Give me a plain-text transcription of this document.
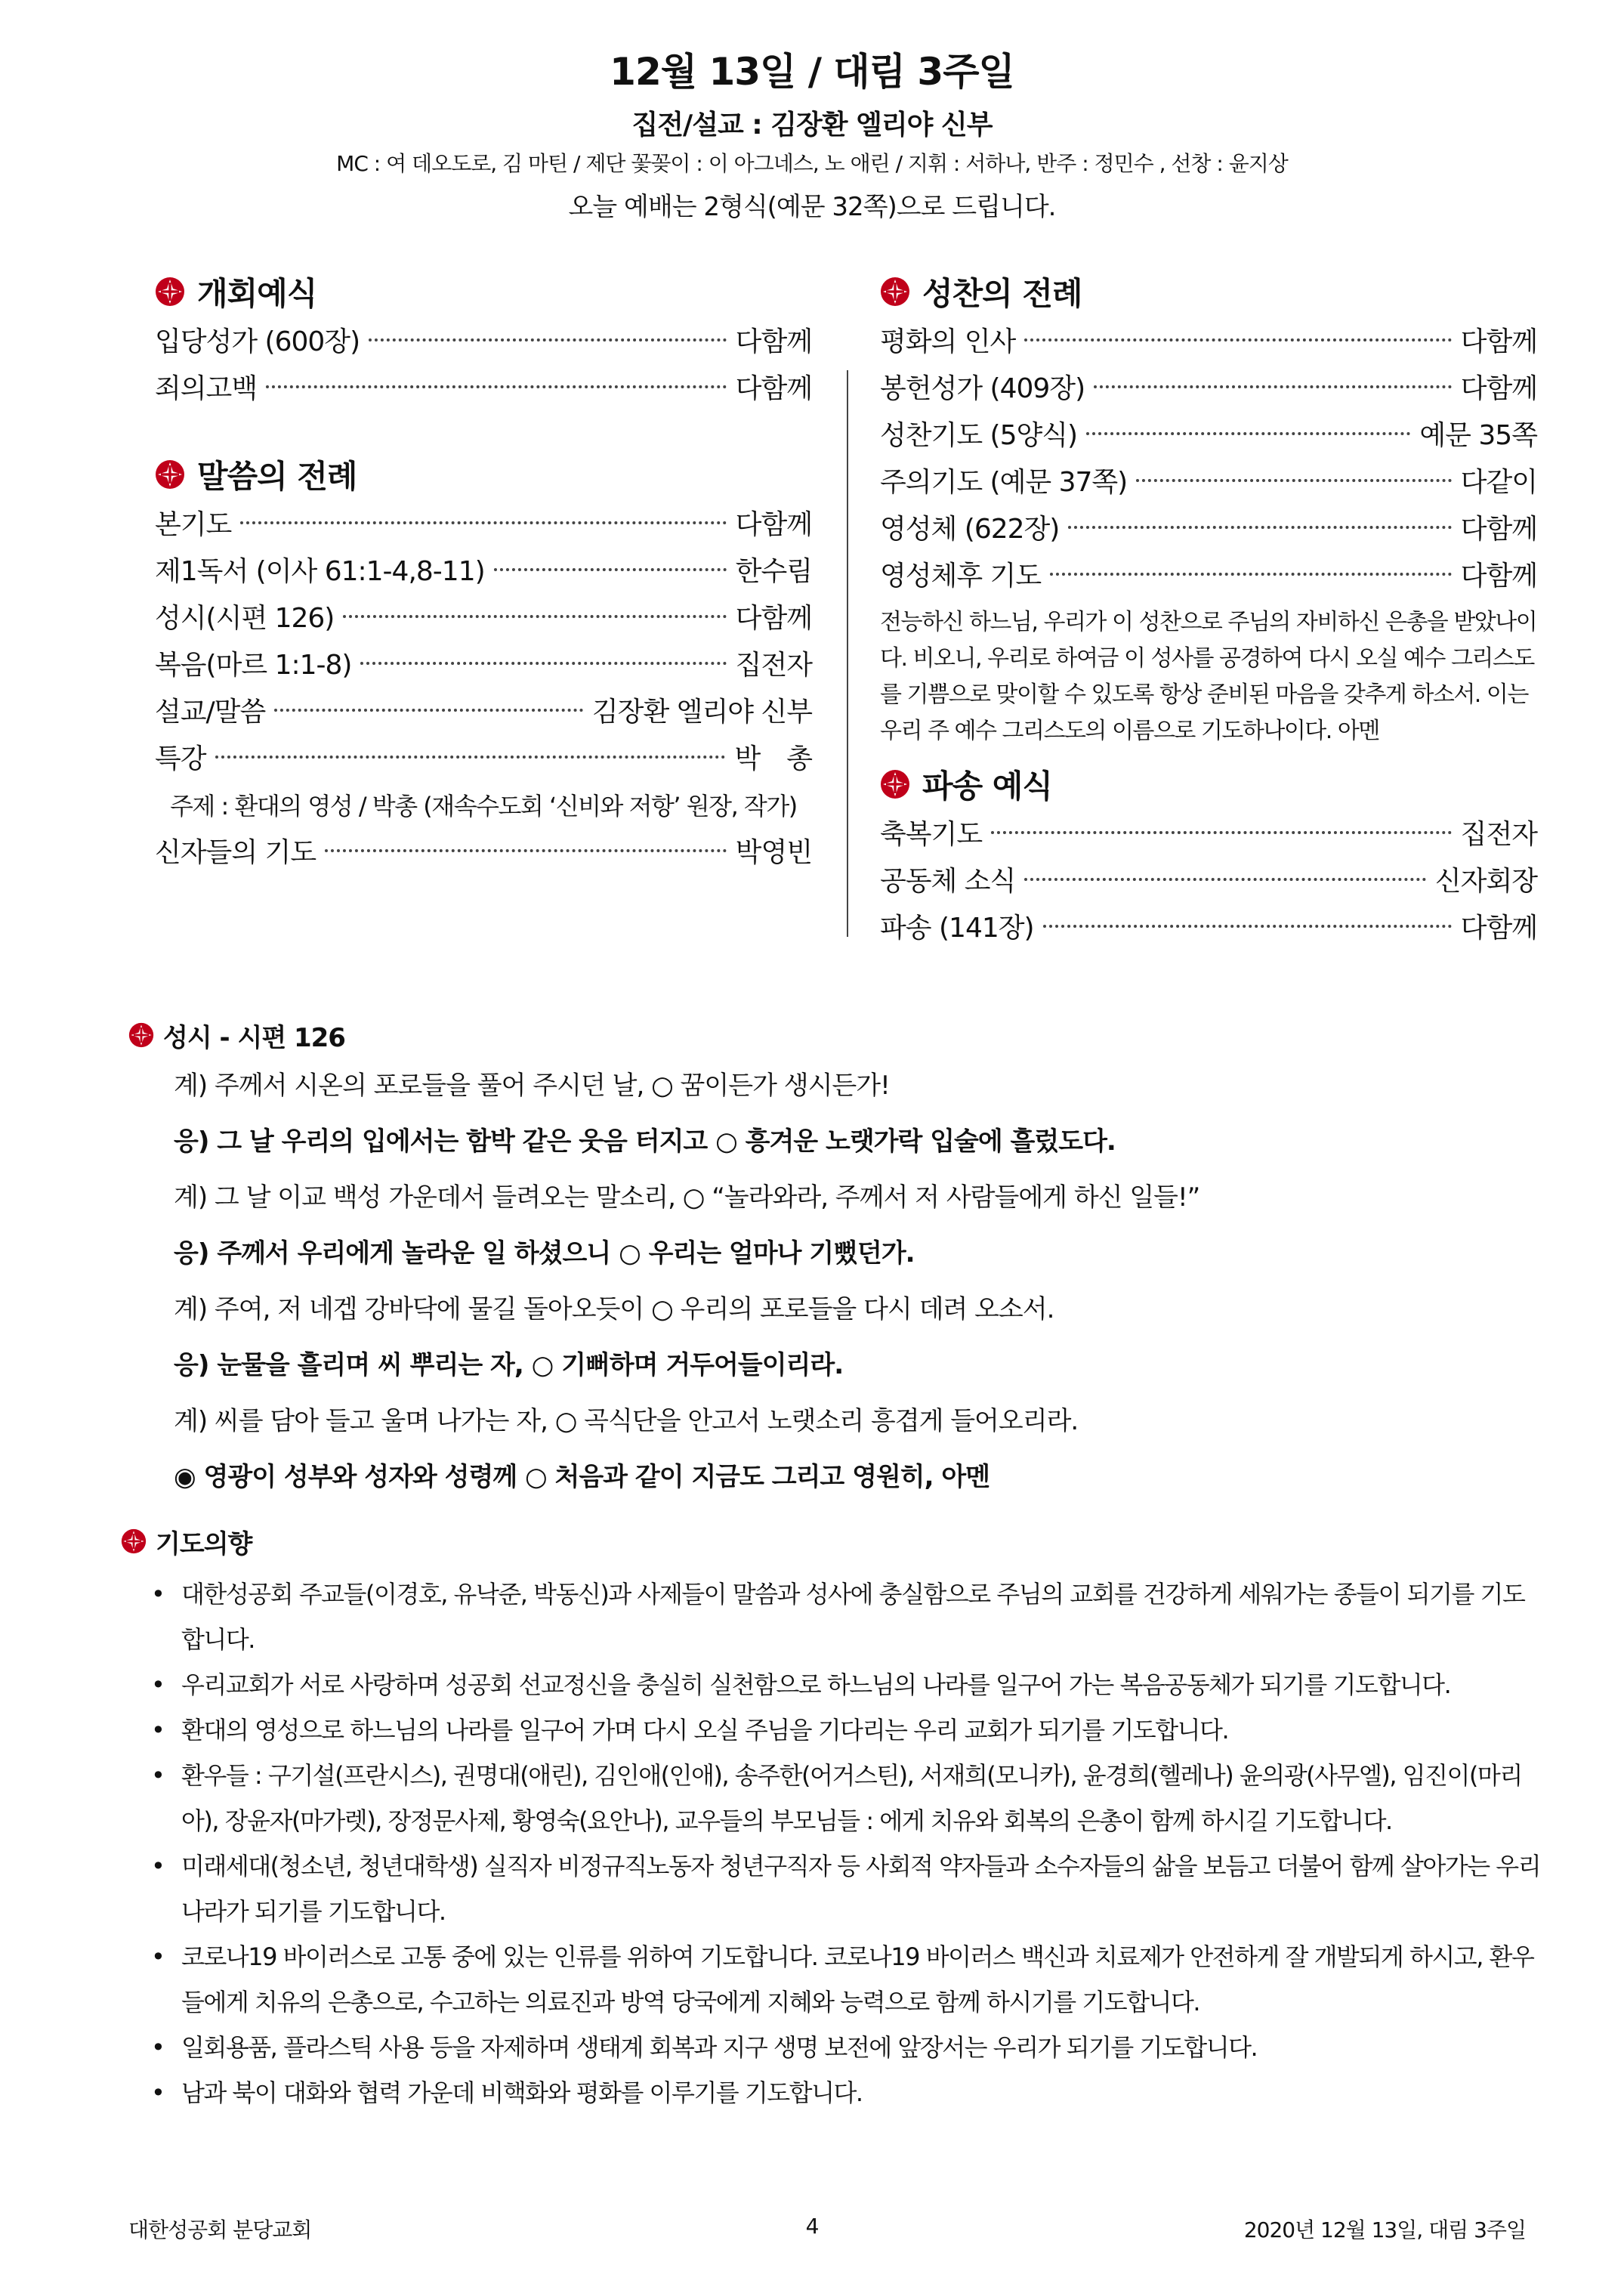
12월 13일 / 대림 3주일
집전/설교 : 김장환 엘리야 신부
MC : 여 데오도로, 김 마틴 / 제단 꽃꽂이 : 이 아그네스, 노 애린 / 지휘 : 서하나, 반주 : 정민수 , 선창 : 윤지상
오늘 예배는 2형식(예문 32쪽)으로 드립니다.
개회예식
입당성가 (600장)	다함께
죄의고백	다함께
말씀의 전례
본기도	다함께
제1독서 (이사 61:1-4,8-11)	한수림
성시(시편 126)	다함께
복음(마르 1:1-8)	집전자
설교/말씀	김장환 엘리야 신부
특강	박　총
주제 : 환대의 영성 / 박총 (재속수도회 ‘신비와 저항’ 원장, 작가)
신자들의 기도	박영빈
성찬의 전례
평화의 인사	다함께
봉헌성가 (409장)	다함께
성찬기도 (5양식)	예문 35쪽
주의기도 (예문 37쪽)	다같이
영성체 (622장)	다함께
영성체후 기도	다함께
전능하신 하느님, 우리가 이 성찬으로 주님의 자비하신 은총을 받았나이다. 비오니, 우리로 하여금 이 성사를 공경하여 다시 오실 예수 그리스도를 기쁨으로 맞이할 수 있도록 항상 준비된 마음을 갖추게 하소서. 이는 우리 주 예수 그리스도의 이름으로 기도하나이다. 아멘
파송 예식
축복기도	집전자
공동체 소식	신자회장
파송 (141장)	다함께
성시 - 시편 126
계) 주께서 시온의 포로들을 풀어 주시던 날, ○ 꿈이든가 생시든가!
응) 그 날 우리의 입에서는 함박 같은 웃음 터지고 ○ 흥겨운 노랫가락 입술에 흘렀도다.
계) 그 날 이교 백성 가운데서 들려오는 말소리, ○ “놀라와라, 주께서 저 사람들에게 하신 일들!”
응) 주께서 우리에게 놀라운 일 하셨으니 ○ 우리는 얼마나 기뻤던가.
계) 주여, 저 네겝 강바닥에 물길 돌아오듯이 ○ 우리의 포로들을 다시 데려 오소서.
응) 눈물을 흘리며 씨 뿌리는 자, ○ 기뻐하며 거두어들이리라.
계) 씨를 담아 들고 울며 나가는 자, ○ 곡식단을 안고서 노랫소리 흥겹게 들어오리라.
◉ 영광이 성부와 성자와 성령께 ○ 처음과 같이 지금도 그리고 영원히, 아멘
기도의향
• 대한성공회 주교들(이경호, 유낙준, 박동신)과 사제들이 말씀과 성사에 충실함으로 주님의 교회를 건강하게 세워가는 종들이 되기를 기도합니다.
• 우리교회가 서로 사랑하며 성공회 선교정신을 충실히 실천함으로 하느님의 나라를 일구어 가는 복음공동체가 되기를 기도합니다.
• 환대의 영성으로 하느님의 나라를 일구어 가며 다시 오실 주님을 기다리는 우리 교회가 되기를 기도합니다.
• 환우들 : 구기설(프란시스), 권명대(애린), 김인애(인애), 송주한(어거스틴), 서재희(모니카), 윤경희(헬레나) 윤의광(사무엘), 임진이(마리아), 장윤자(마가렛), 장정문사제, 황영숙(요안나), 교우들의 부모님들 : 에게 치유와 회복의 은총이 함께 하시길 기도합니다.
• 미래세대(청소년, 청년대학생) 실직자 비정규직노동자 청년구직자 등 사회적 약자들과 소수자들의 삶을 보듬고 더불어 함께 살아가는 우리나라가 되기를 기도합니다.
• 코로나19 바이러스로 고통 중에 있는 인류를 위하여 기도합니다. 코로나19 바이러스 백신과 치료제가 안전하게 잘 개발되게 하시고, 환우들에게 치유의 은총으로, 수고하는 의료진과 방역 당국에게 지혜와 능력으로 함께 하시기를 기도합니다.
• 일회용품, 플라스틱 사용 등을 자제하며 생태계 회복과 지구 생명 보전에 앞장서는 우리가 되기를 기도합니다.
• 남과 북이 대화와 협력 가운데 비핵화와 평화를 이루기를 기도합니다.
대한성공회 분당교회	4	2020년 12월 13일, 대림 3주일
